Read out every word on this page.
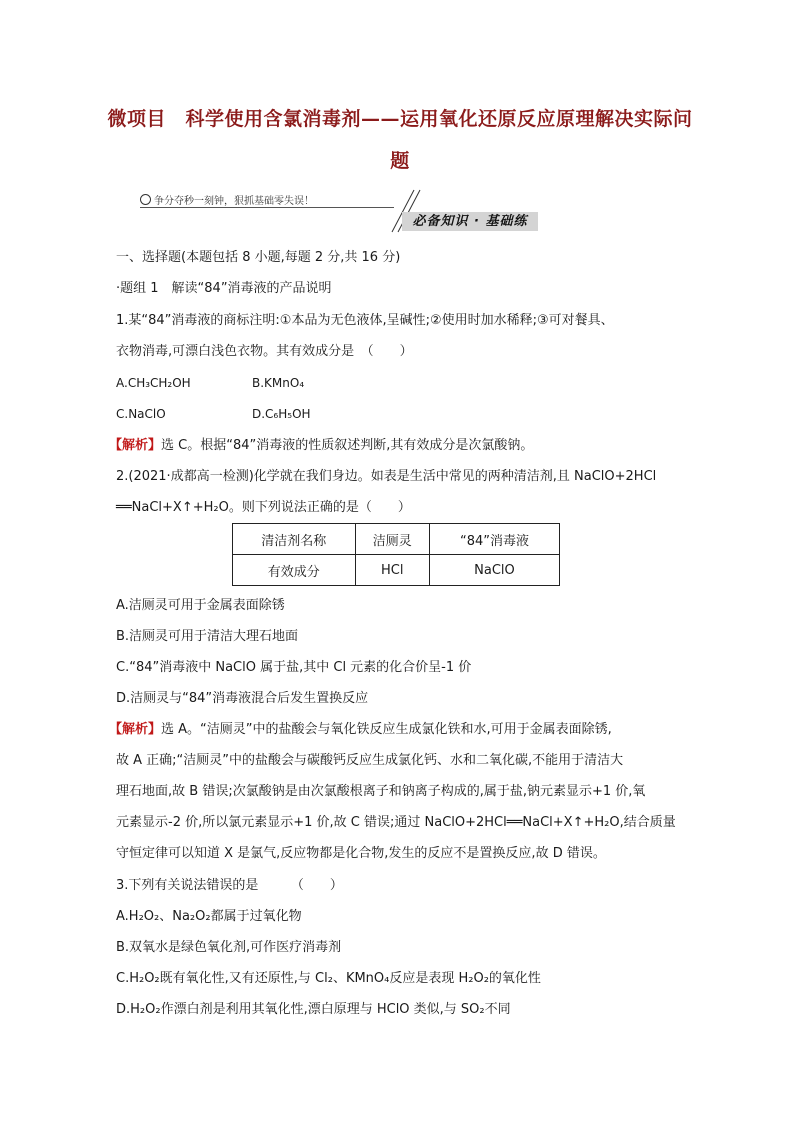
微项目　科学使用含氯消毒剂——运用氧化还原反应原理解决实际问
题
争分夺秒一刻钟，狠抓基础零失误！
必备知识 · 基础练
一、选择题(本题包括 8 小题,每题 2 分,共 16 分)
·题组 1　解读“84”消毒液的产品说明
1.某“84”消毒液的商标注明:①本品为无色液体,呈碱性;②使用时加水稀释;③可对餐具、
衣物消毒,可漂白浅色衣物。其有效成分是　（　　）
A.CH₃CH₂OH	B.KMnO₄
C.NaClO	D.C₆H₅OH
【解析】选 C。根据“84”消毒液的性质叙述判断,其有效成分是次氯酸钠。
2.(2021·成都高一检测)化学就在我们身边。如表是生活中常见的两种清洁剂,且 NaClO+2HCl
══NaCl+X↑+H₂O。则下列说法正确的是（　　）
清洁剂名称	洁厕灵	“84”消毒液
有效成分	HCl	NaClO
A.洁厕灵可用于金属表面除锈
B.洁厕灵可用于清洁大理石地面
C.“84”消毒液中 NaClO 属于盐,其中 Cl 元素的化合价呈-1 价
D.洁厕灵与“84”消毒液混合后发生置换反应
【解析】选 A。“洁厕灵”中的盐酸会与氧化铁反应生成氯化铁和水,可用于金属表面除锈,
故 A 正确;“洁厕灵”中的盐酸会与碳酸钙反应生成氯化钙、水和二氧化碳,不能用于清洁大
理石地面,故 B 错误;次氯酸钠是由次氯酸根离子和钠离子构成的,属于盐,钠元素显示+1 价,氧
元素显示-2 价,所以氯元素显示+1 价,故 C 错误;通过 NaClO+2HCl══NaCl+X↑+H₂O,结合质量
守恒定律可以知道 X 是氯气,反应物都是化合物,发生的反应不是置换反应,故 D 错误。
3.下列有关说法错误的是　　　（　　）
A.H₂O₂、Na₂O₂都属于过氧化物
B.双氧水是绿色氧化剂,可作医疗消毒剂
C.H₂O₂既有氧化性,又有还原性,与 Cl₂、KMnO₄反应是表现 H₂O₂的氧化性
D.H₂O₂作漂白剂是利用其氧化性,漂白原理与 HClO 类似,与 SO₂不同
